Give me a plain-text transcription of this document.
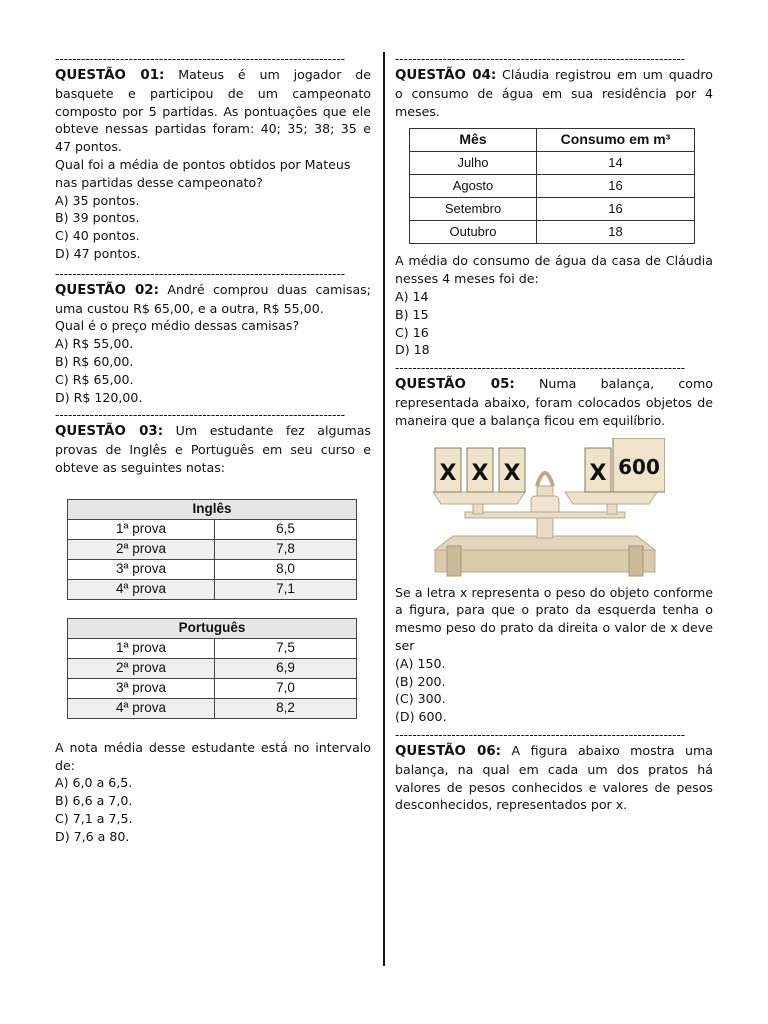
-------------------------------------------------------------------

QUESTÃO 01: Mateus é um jogador de basquete e participou de um campeonato composto por 5 partidas. As pontuações que ele obteve nessas partidas foram: 40; 35; 38; 35 e 47 pontos.

Qual foi a média de pontos obtidos por Mateus nas partidas desse campeonato?

A) 35 pontos.

B) 39 pontos.

C) 40 pontos.

D) 47 pontos.

-------------------------------------------------------------------

QUESTÃO 02: André comprou duas camisas; uma custou R$ 65,00, e a outra, R$ 55,00.

Qual é o preço médio dessas camisas?

A) R$ 55,00.

B) R$ 60,00.

C) R$ 65,00.

D) R$ 120,00.

-------------------------------------------------------------------

QUESTÃO 03: Um estudante fez algumas provas de Inglês e Português em seu curso e obteve as seguintes notas:

Inglês	
1ª prova	6,5
2ª prova	7,8
3ª prova	8,0
4ª prova	7,1
Português	
1ª prova	7,5
2ª prova	6,9
3ª prova	7,0
4ª prova	8,2

A nota média desse estudante está no intervalo de:

A) 6,0 a 6,5.

B) 6,6 a 7,0.

C) 7,1 a 7,5.

D) 7,6 a 80.

-------------------------------------------------------------------

QUESTÃO 04: Cláudia registrou em um quadro o consumo de água em sua residência por 4 meses.

Mês	Consumo em m³
Julho	14
Agosto	16
Setembro	16
Outubro	18

A média do consumo de água da casa de Cláudia nesses 4 meses foi de:

A) 14

B) 15

C) 16

D) 18

-------------------------------------------------------------------

QUESTÃO 05: Numa balança, como representada abaixo, foram colocados objetos de maneira que a balança ficou em equilíbrio.

X X X	X 600

Se a letra x representa o peso do objeto conforme a figura, para que o prato da esquerda tenha o mesmo peso do prato da direita o valor de x deve ser

(A) 150.

(B) 200.

(C) 300.

(D) 600.

-------------------------------------------------------------------

QUESTÃO 06: A figura abaixo mostra uma balança, na qual em cada um dos pratos há valores de pesos conhecidos e valores de pesos desconhecidos, representados por x.
